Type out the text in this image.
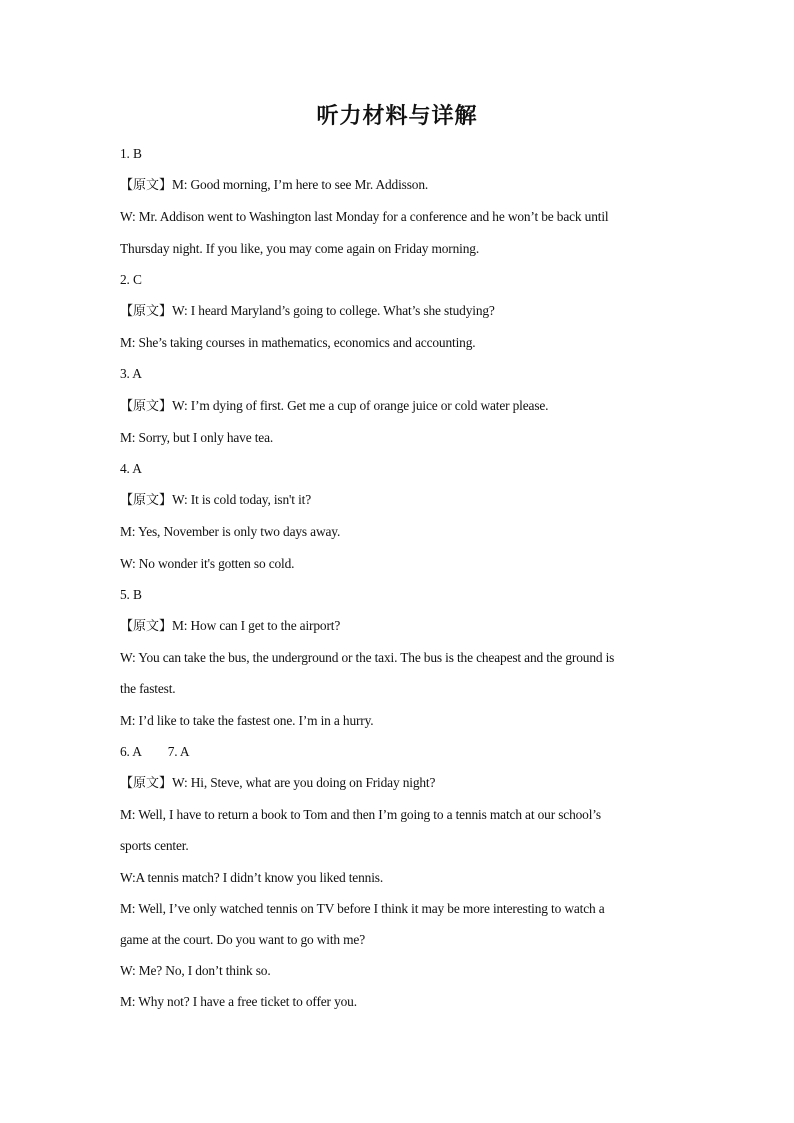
听力材料与详解

1. B

【原文】M: Good morning, I’m here to see Mr. Addisson.

W: Mr. Addison went to Washington last Monday for a conference and he won’t be back until

Thursday night. If you like, you may come again on Friday morning.

2. C

【原文】W: I heard Maryland’s going to college. What’s she studying?

M: She’s taking courses in mathematics, economics and accounting.

3. A

【原文】W: I’m dying of first. Get me a cup of orange juice or cold water please.

M: Sorry, but I only have tea.

4. A

【原文】W: It is cold today, isn't it?

M: Yes, November is only two days away.

W: No wonder it's gotten so cold.

5. B

【原文】M: How can I get to the airport?

W: You can take the bus, the underground or the taxi. The bus is the cheapest and the ground is

the fastest.

M: I’d like to take the fastest one. I’m in a hurry.

6. A 7. A

【原文】W: Hi, Steve, what are you doing on Friday night?

M: Well, I have to return a book to Tom and then I’m going to a tennis match at our school’s

sports center.

W:A tennis match? I didn’t know you liked tennis.

M: Well, I’ve only watched tennis on TV before I think it may be more interesting to watch a

game at the court. Do you want to go with me?

W: Me? No, I don’t think so.

M: Why not? I have a free ticket to offer you.
